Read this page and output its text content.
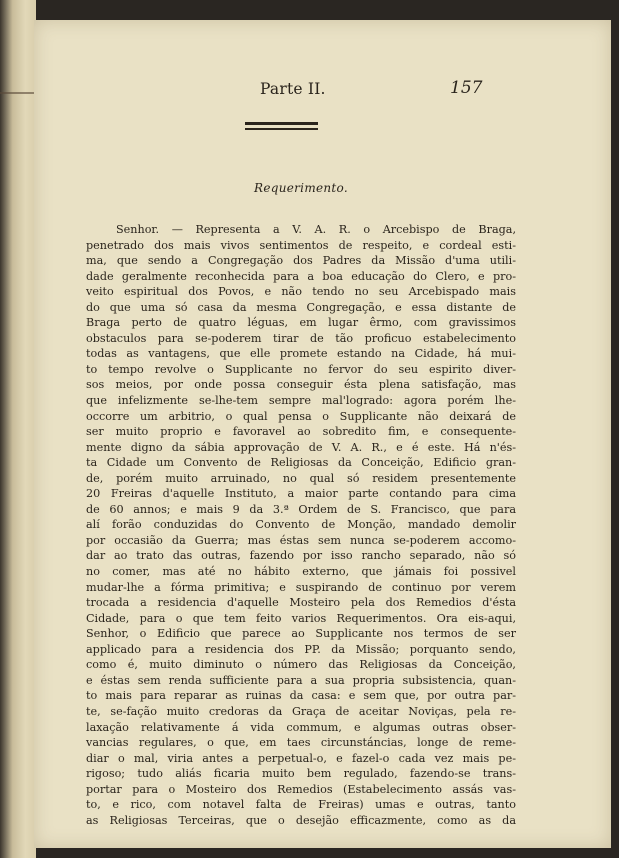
Parte II.	157
Requerimento.
Senhor. — Representa a V. A. R. o Arcebispo de Braga,
penetrado dos mais vivos sentimentos de respeito, e cordeal esti-
ma, que sendo a Congregação dos Padres da Missão d'uma utili-
dade geralmente reconhecida para a boa educação do Clero, e pro-
veito espiritual dos Povos, e não tendo no seu Arcebispado mais
do que uma só casa da mesma Congregação, e essa distante de
Braga perto de quatro léguas, em lugar êrmo, com gravissimos
obstaculos para se-poderem tirar de tão proficuo estabelecimento
todas as vantagens, que elle promete estando na Cidade, há mui-
to tempo revolve o Supplicante no fervor do seu espirito diver-
sos meios, por onde possa conseguir ésta plena satisfação, mas
que infelizmente se-lhe-tem sempre mal'logrado: agora porém lhe-
occorre um arbitrio, o qual pensa o Supplicante não deixará de
ser muito proprio e favoravel ao sobredito fim, e consequente-
mente digno da sábia approvação de V. A. R., e é este. Há n'és-
ta Cidade um Convento de Religiosas da Conceição, Edificio gran-
de, porém muito arruinado, no qual só residem presentemente
20 Freiras d'aquelle Instituto, a maior parte contando para cima
de 60 annos; e mais 9 da 3.ª Ordem de S. Francisco, que para
alí forão conduzidas do Convento de Monção, mandado demolir
por occasião da Guerra; mas éstas sem nunca se-poderem accomo-
dar ao trato das outras, fazendo por isso rancho separado, não só
no comer, mas até no hábito externo, que jámais foi possivel
mudar-lhe a fórma primitiva; e suspirando de continuo por verem
trocada a residencia d'aquelle Mosteiro pela dos Remedios d'ésta
Cidade, para o que tem feito varios Requerimentos. Ora eis-aqui,
Senhor, o Edificio que parece ao Supplicante nos termos de ser
applicado para a residencia dos PP. da Missão; porquanto sendo,
como é, muito diminuto o número das Religiosas da Conceição,
e éstas sem renda sufficiente para a sua propria subsistencia, quan-
to mais para reparar as ruinas da casa: e sem que, por outra par-
te, se-fação muito credoras da Graça de aceitar Noviças, pela re-
laxação relativamente á vida commum, e algumas outras obser-
vancias regulares, o que, em taes circunstáncias, longe de reme-
diar o mal, viria antes a perpetual-o, e fazel-o cada vez mais pe-
rigoso; tudo aliás ficaria muito bem regulado, fazendo-se trans-
portar para o Mosteiro dos Remedios (Estabelecimento assás vas-
to, e rico, com notavel falta de Freiras) umas e outras, tanto
as Religiosas Terceiras, que o desejão efficazmente, como as da
